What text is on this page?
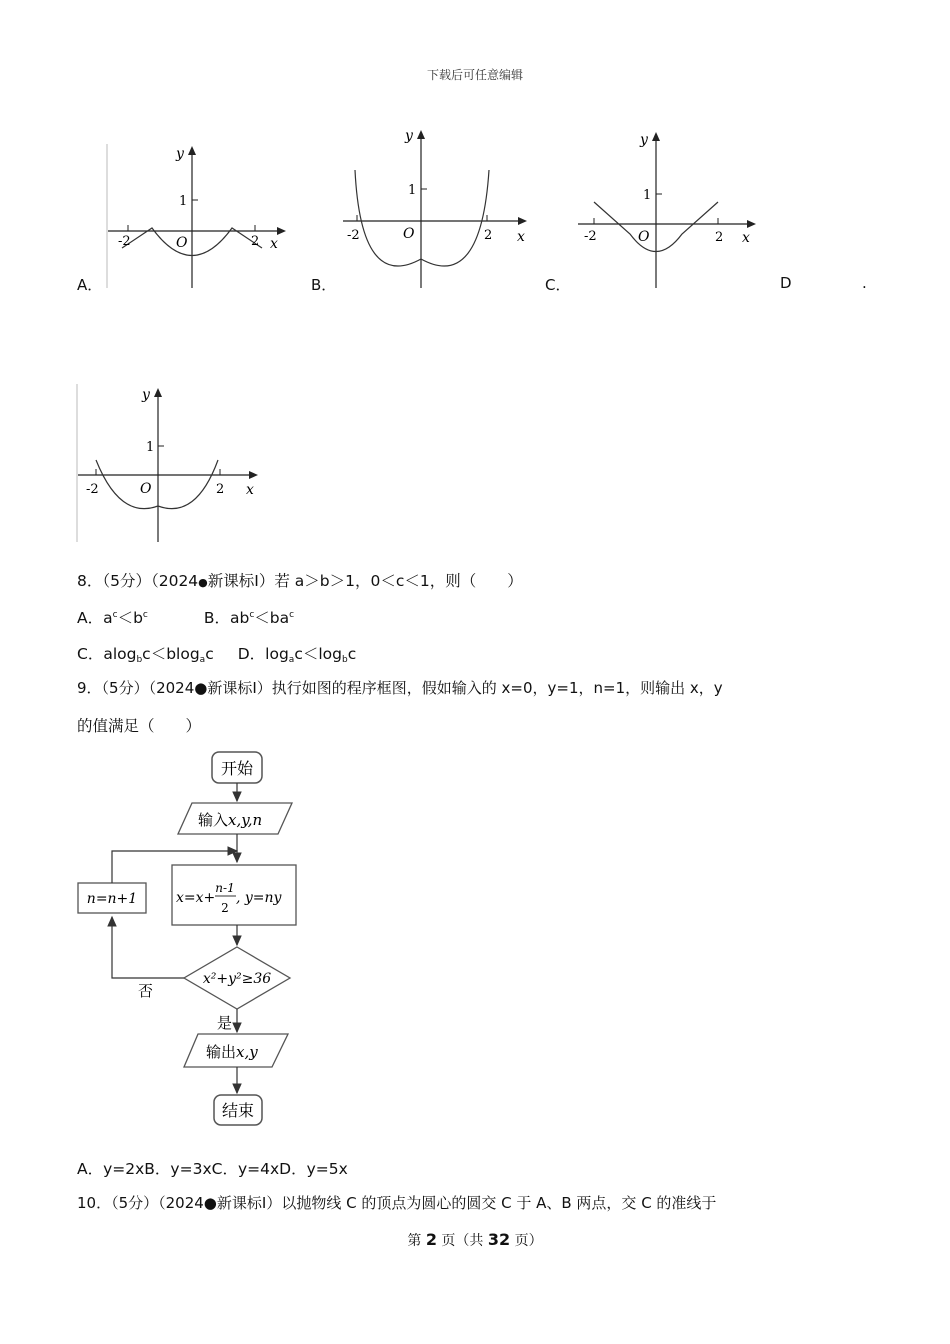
下载后可任意编辑
A．	B．	C．	D	.
y
x
O
1
-2	2
y
x
O
1
-2	2
y
x
O
1
-2	2
y
x
O
1
-2	2
8．（5分）（2024●新课标Ⅰ）若 a＞b＞1，0＜c＜1，则（　　）
A．$a^c<b^c$	B．$ab^c<ba^c$
C．alog$_b$c＜blog$_a$c D．$\log_ac<\log_bc$
9．（5分）（2024●新课标Ⅰ）执行如图的程序框图，假如输入的 x=0，y=1，n=1，则输出 x，y
的值满足（　　）
开始
输入x,y,n
x=x+
n-1
2
, y=ny
x²+y²≥36
n=n+1
否
是
输出x,y
结束
A．y=2xB．y=3xC．y=4xD．y=5x
10．（5分）（2024●新课标Ⅰ）以抛物线 C 的顶点为圆心的圆交 C 于 A、B 两点，交 C 的准线于
第 2 页（共 32 页）
